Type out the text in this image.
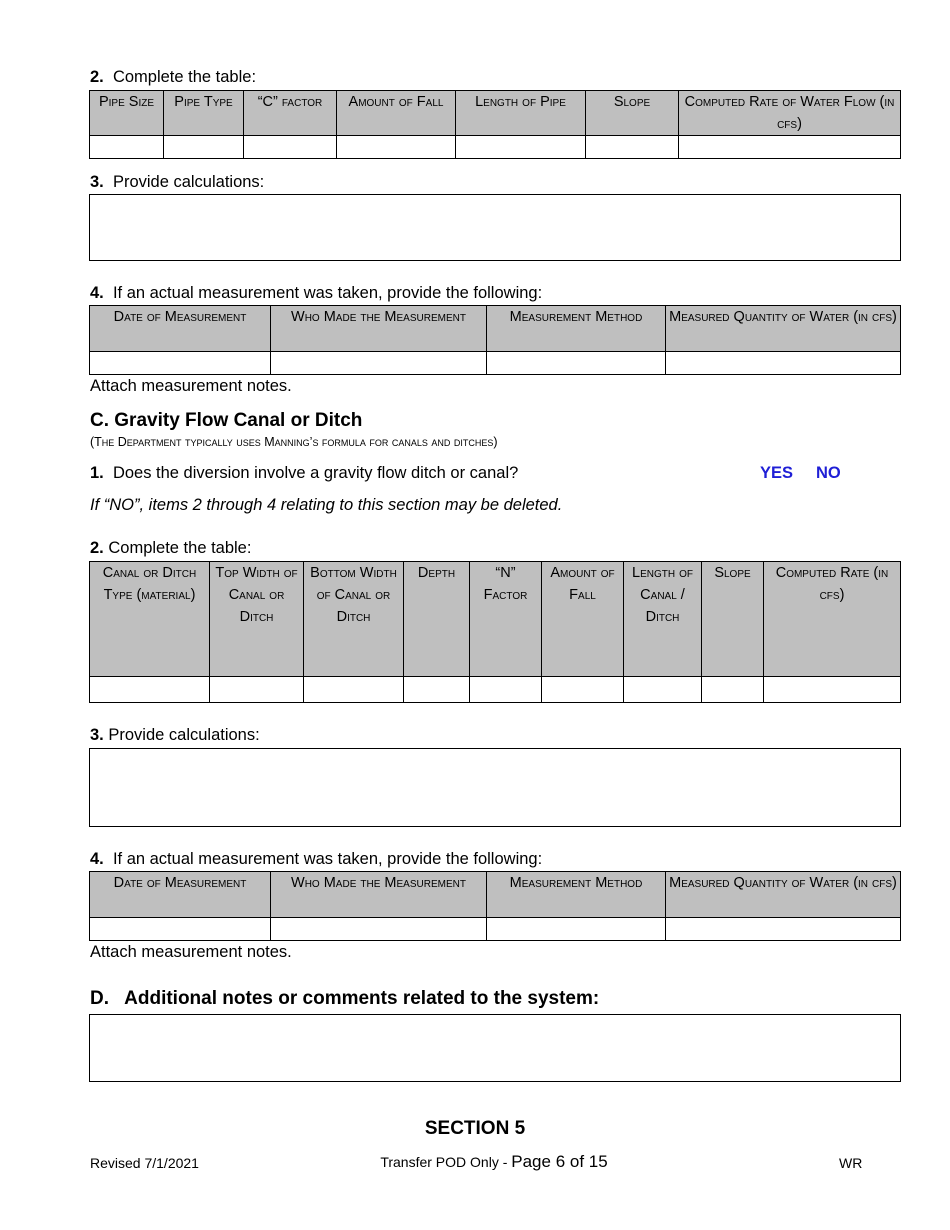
2. Complete the table:
Pipe Size	Pipe Type	“C” factor	Amount of Fall	Length of Pipe	Slope	Computed Rate of Water Flow (in cfs)

3. Provide calculations:
4. If an actual measurement was taken, provide the following:
Date of Measurement	Who Made the Measurement	Measurement Method	Measured Quantity of Water (in cfs)

Attach measurement notes.
C. Gravity Flow Canal or Ditch
(The Department typically uses Manning’s formula for canals and ditches)
1. Does the diversion involve a gravity flow ditch or canal?	YES NO
If “NO”, items 2 through 4 relating to this section may be deleted.
2. Complete the table:
Canal or Ditch Type (material)	Top Width of Canal or Ditch	Bottom Width of Canal or Ditch	Depth	“N” Factor	Amount of Fall	Length of Canal / Ditch	Slope	Computed Rate (in cfs)

3. Provide calculations:
4. If an actual measurement was taken, provide the following:
Date of Measurement	Who Made the Measurement	Measurement Method	Measured Quantity of Water (in cfs)

Attach measurement notes.
D.   Additional notes or comments related to the system:
SECTION 5
Revised 7/1/2021	Transfer POD Only - Page 6 of 15	WR
